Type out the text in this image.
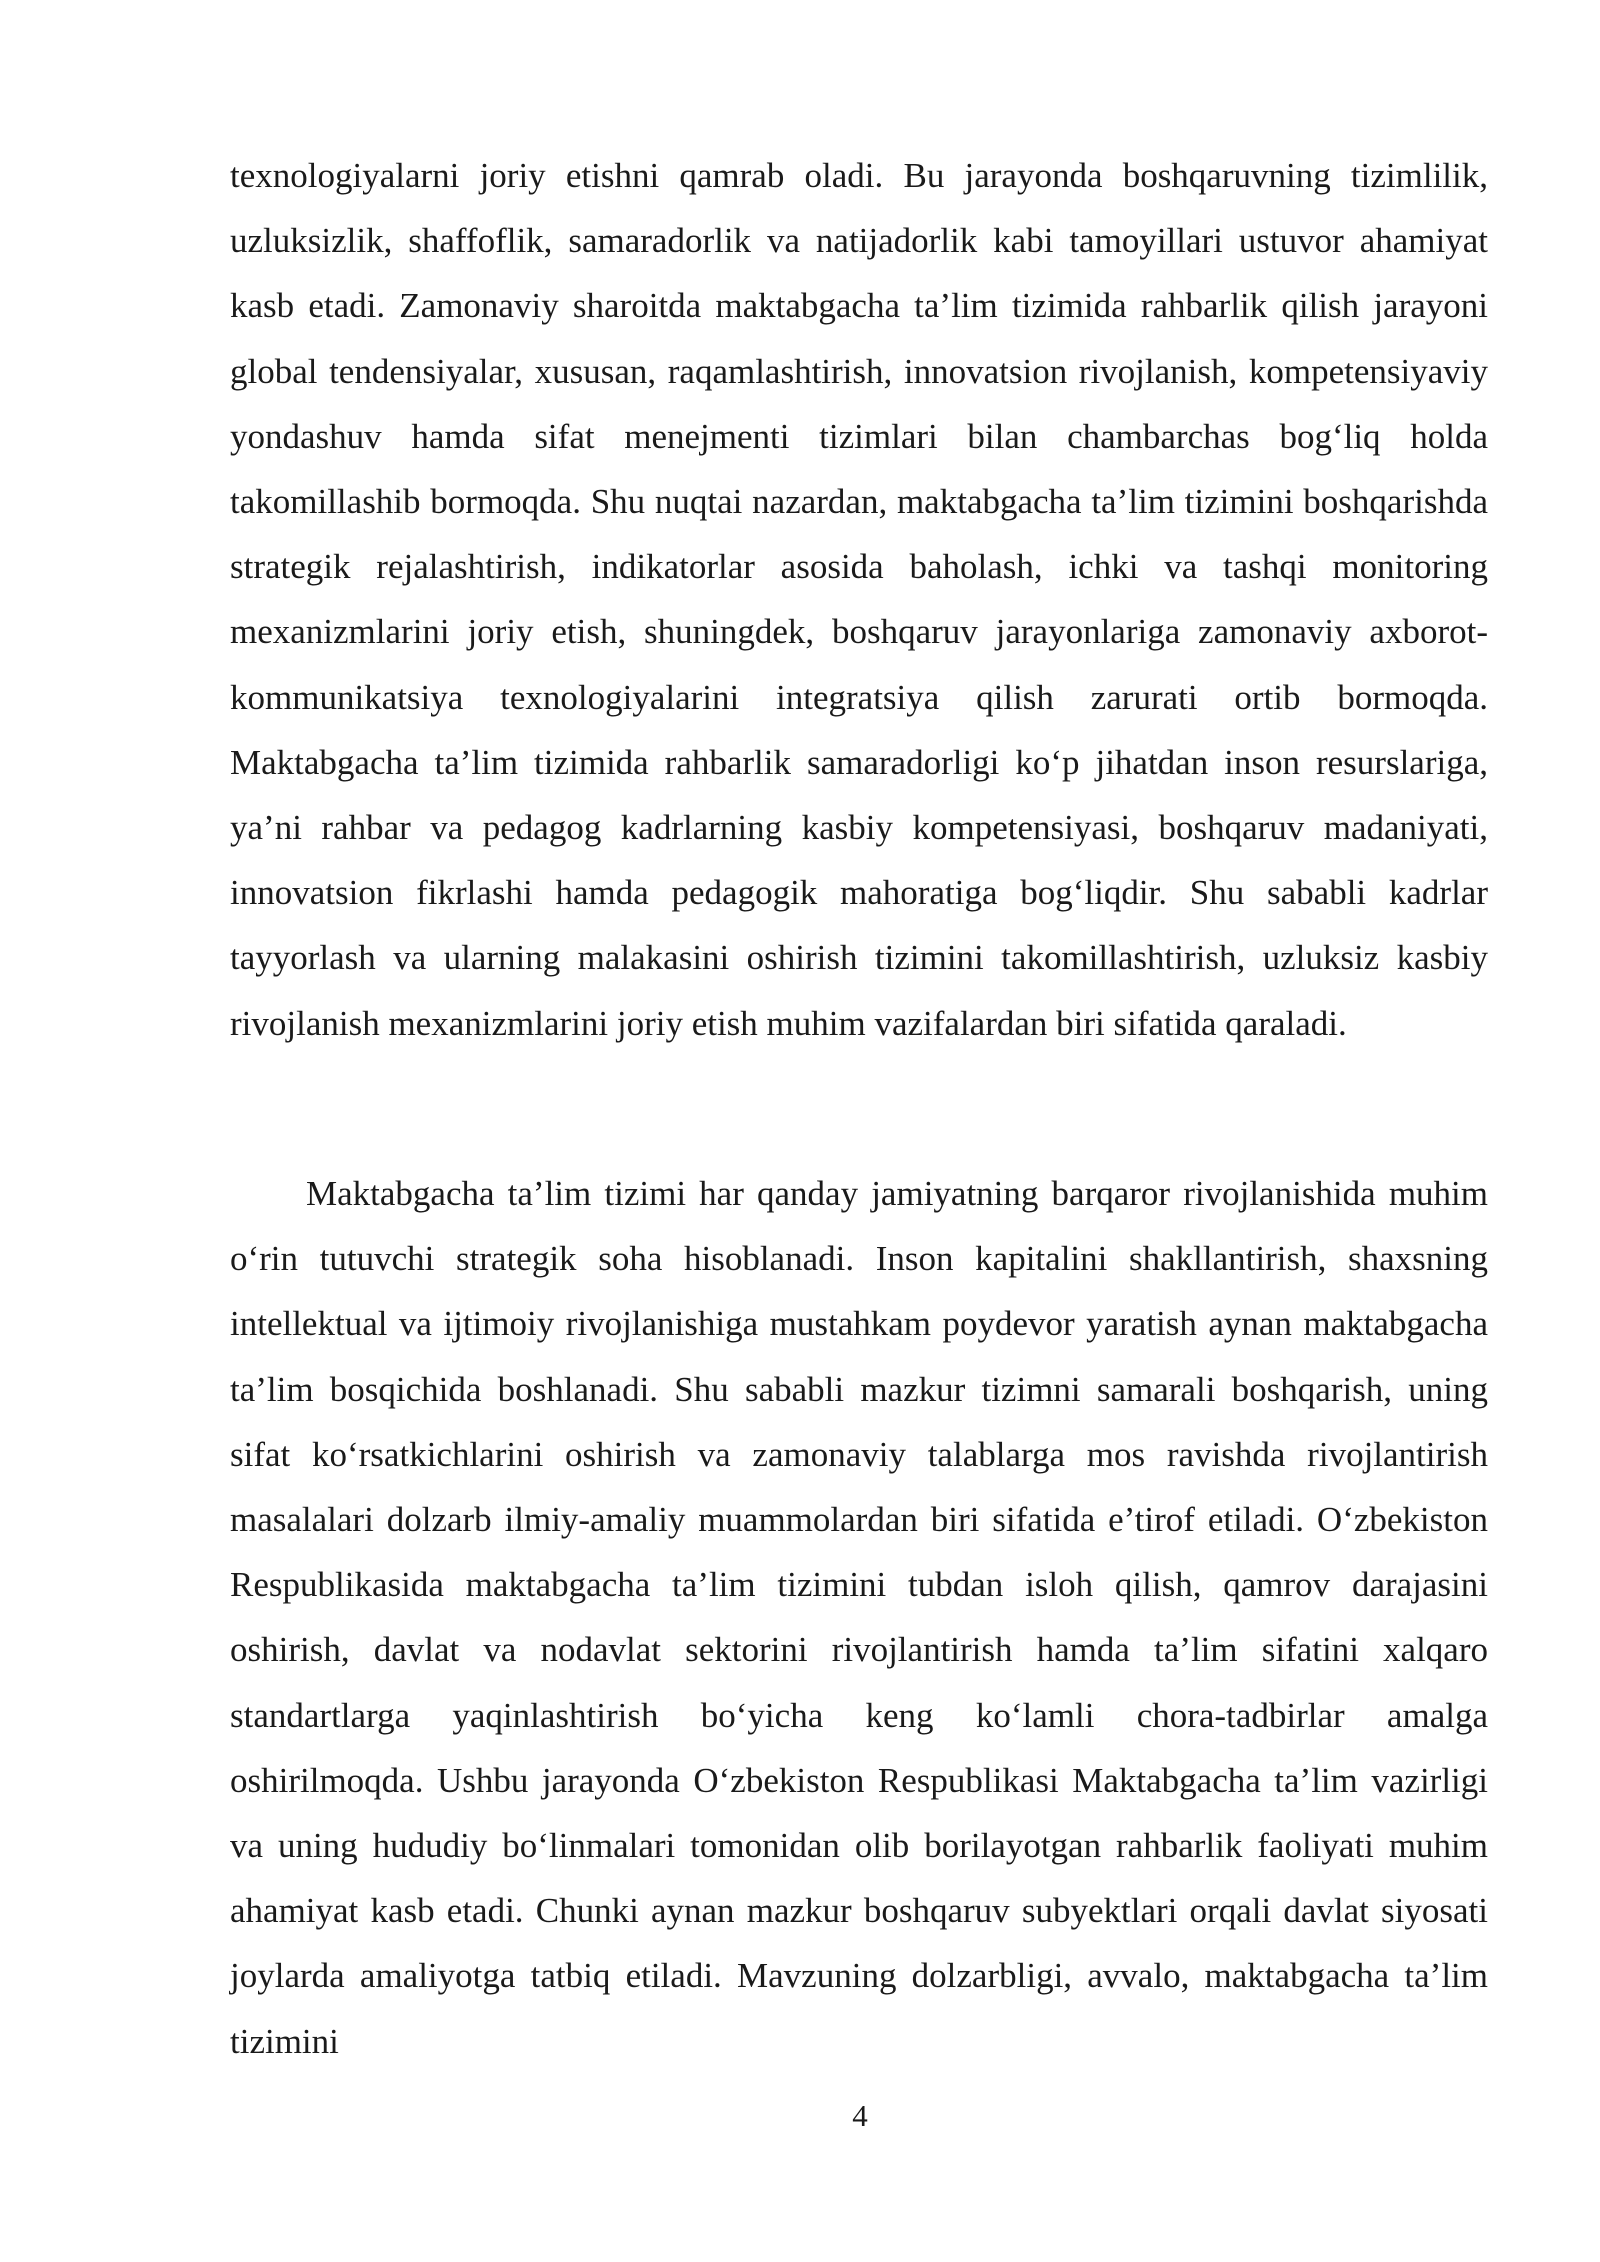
texnologiyalarni joriy etishni qamrab oladi. Bu jarayonda boshqaruvning tizimlilik, uzluksizlik, shaffoflik, samaradorlik va natijadorlik kabi tamoyillari ustuvor ahamiyat kasb etadi. Zamonaviy sharoitda maktabgacha ta’lim tizimida rahbarlik qilish jarayoni global tendensiyalar, xususan, raqamlashtirish, innovatsion rivojlanish, kompetensiyaviy yondashuv hamda sifat menejmenti tizimlari bilan chambarchas bog‘liq holda takomillashib bormoqda. Shu nuqtai nazardan, maktabgacha ta’lim tizimini boshqarishda strategik rejalashtirish, indikatorlar asosida baholash, ichki va tashqi monitoring mexanizmlarini joriy etish, shuningdek, boshqaruv jarayonlariga zamonaviy axborot-kommunikatsiya texnologiyalarini integratsiya qilish zarurati ortib bormoqda. Maktabgacha ta’lim tizimida rahbarlik samaradorligi ko‘p jihatdan inson resurslariga, ya’ni rahbar va pedagog kadrlarning kasbiy kompetensiyasi, boshqaruv madaniyati, innovatsion fikrlashi hamda pedagogik mahoratiga bog‘liqdir. Shu sababli kadrlar tayyorlash va ularning malakasini oshirish tizimini takomillashtirish, uzluksiz kasbiy rivojlanish mexanizmlarini joriy etish muhim vazifalardan biri sifatida qaraladi.

Maktabgacha ta’lim tizimi har qanday jamiyatning barqaror rivojlanishida muhim o‘rin tutuvchi strategik soha hisoblanadi. Inson kapitalini shakllantirish, shaxsning intellektual va ijtimoiy rivojlanishiga mustahkam poydevor yaratish aynan maktabgacha ta’lim bosqichida boshlanadi. Shu sababli mazkur tizimni samarali boshqarish, uning sifat ko‘rsatkichlarini oshirish va zamonaviy talablarga mos ravishda rivojlantirish masalalari dolzarb ilmiy-amaliy muammolardan biri sifatida e’tirof etiladi. O‘zbekiston Respublikasida maktabgacha ta’lim tizimini tubdan isloh qilish, qamrov darajasini oshirish, davlat va nodavlat sektorini rivojlantirish hamda ta’lim sifatini xalqaro standartlarga yaqinlashtirish bo‘yicha keng ko‘lamli chora-tadbirlar amalga oshirilmoqda. Ushbu jarayonda O‘zbekiston Respublikasi Maktabgacha ta’lim vazirligi va uning hududiy bo‘linmalari tomonidan olib borilayotgan rahbarlik faoliyati muhim ahamiyat kasb etadi. Chunki aynan mazkur boshqaruv subyektlari orqali davlat siyosati joylarda amaliyotga tatbiq etiladi. Mavzuning dolzarbligi, avvalo, maktabgacha ta’lim tizimini

4
